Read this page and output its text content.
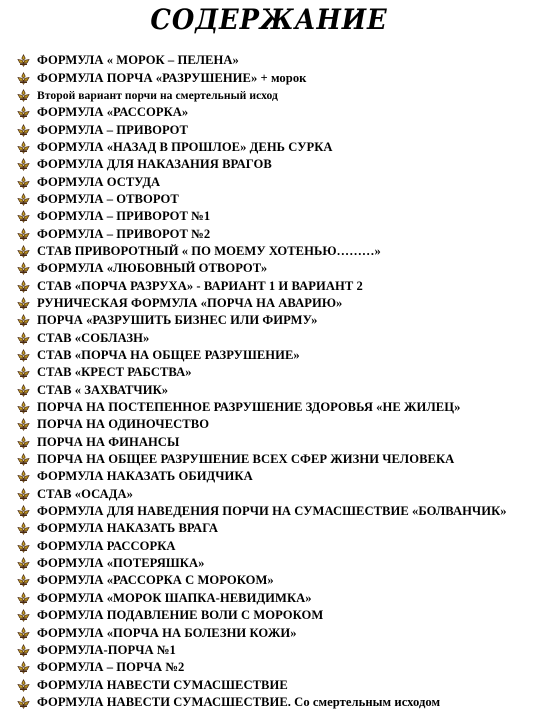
СОДЕРЖАНИЕ
ФОРМУЛА « МОРОК – ПЕЛЕНА»
ФОРМУЛА ПОРЧА «РАЗРУШЕНИЕ» + морок
Второй вариант порчи на смертельный исход
ФОРМУЛА «РАССОРКА»
ФОРМУЛА – ПРИВОРОТ
ФОРМУЛА «НАЗАД В ПРОШЛОЕ» ДЕНЬ СУРКА
ФОРМУЛА ДЛЯ НАКАЗАНИЯ ВРАГОВ
ФОРМУЛА ОСТУДА
ФОРМУЛА – ОТВОРОТ
ФОРМУЛА – ПРИВОРОТ №1
ФОРМУЛА – ПРИВОРОТ №2
СТАВ ПРИВОРОТНЫЙ « ПО МОЕМУ ХОТЕНЬЮ………»
ФОРМУЛА «ЛЮБОВНЫЙ ОТВОРОТ»
СТАВ «ПОРЧА РАЗРУХА» - ВАРИАНТ 1 И ВАРИАНТ 2
РУНИЧЕСКАЯ ФОРМУЛА «ПОРЧА НА АВАРИЮ»
ПОРЧА «РАЗРУШИТЬ БИЗНЕС ИЛИ ФИРМУ»
СТАВ «СОБЛАЗН»
СТАВ «ПОРЧА НА ОБЩЕЕ РАЗРУШЕНИЕ»
СТАВ «КРЕСТ РАБСТВА»
СТАВ « ЗАХВАТЧИК»
ПОРЧА НА ПОСТЕПЕННОЕ РАЗРУШЕНИЕ ЗДОРОВЬЯ «НЕ ЖИЛЕЦ»
ПОРЧА НА ОДИНОЧЕСТВО
ПОРЧА НА ФИНАНСЫ
ПОРЧА НА ОБЩЕЕ РАЗРУШЕНИЕ ВСЕХ СФЕР ЖИЗНИ ЧЕЛОВЕКА
ФОРМУЛА НАКАЗАТЬ ОБИДЧИКА
СТАВ «ОСАДА»
ФОРМУЛА ДЛЯ НАВЕДЕНИЯ ПОРЧИ НА СУМАСШЕСТВИЕ «БОЛВАНЧИК»
ФОРМУЛА НАКАЗАТЬ ВРАГА
ФОРМУЛА РАССОРКА
ФОРМУЛА «ПОТЕРЯШКА»
ФОРМУЛА «РАССОРКА С МОРОКОМ»
ФОРМУЛА «МОРОК ШАПКА-НЕВИДИМКА»
ФОРМУЛА ПОДАВЛЕНИЕ ВОЛИ С МОРОКОМ
ФОРМУЛА «ПОРЧА НА БОЛЕЗНИ КОЖИ»
ФОРМУЛА-ПОРЧА №1
ФОРМУЛА – ПОРЧА №2
ФОРМУЛА НАВЕСТИ СУМАСШЕСТВИЕ
ФОРМУЛА НАВЕСТИ СУМАСШЕСТВИЕ. Со смертельным исходом
